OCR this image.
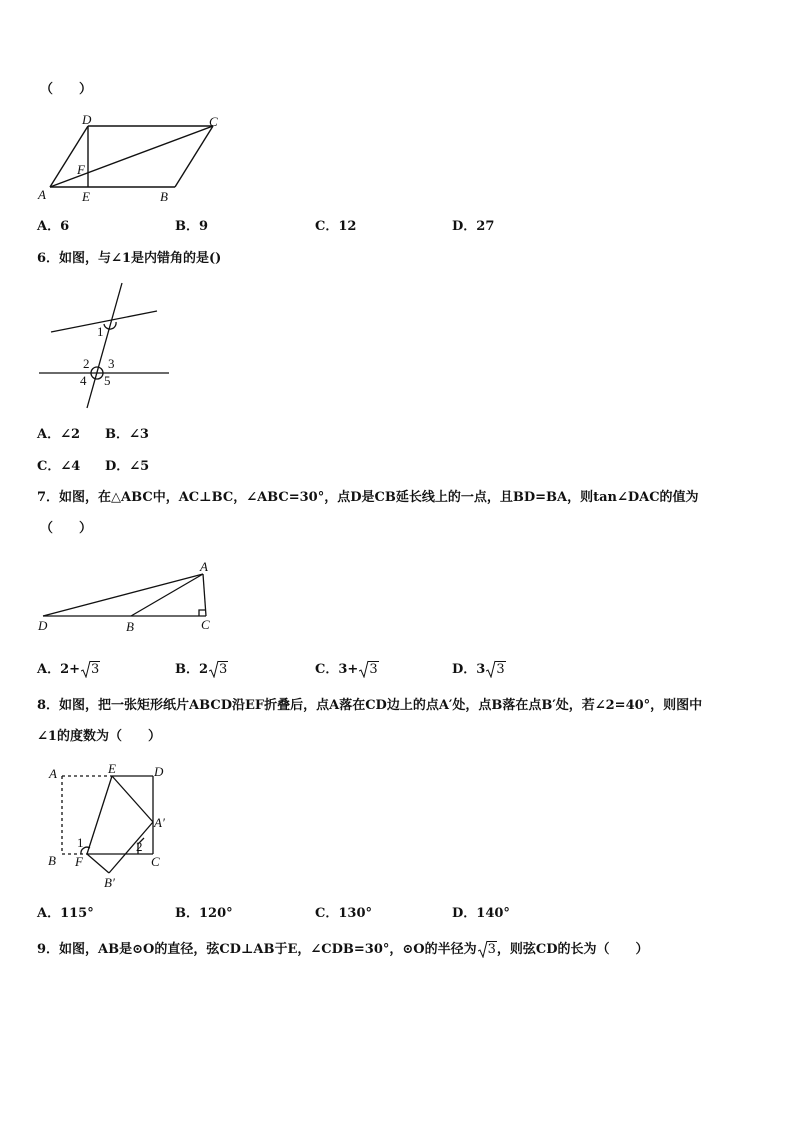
（　　）
D	C
F
A	E	B
A．6	B．9	C．12	D．27
6．如图，与∠1是内错角的是()
1
2 3
4 5
A．∠2 B．∠3
C．∠4 D．∠5
7．如图，在△ABC中，AC⊥BC，∠ABC=30°，点D是CB延长线上的一点，且BD=BA，则tan∠DAC的值为
（　　）
A
D	B	C
A．2+ 3	B．2 3	C．3+ 3	D．3 3
8．如图，把一张矩形纸片ABCD沿EF折叠后，点A落在CD边上的点A′处，点B落在点B′处，若∠2=40°，则图中
∠1的度数为（　　）
A	E	D
A′
1	2
B F	C
B′
A．115°	B．120°	C．130°	D．140°
9．如图，AB是⊙O的直径，弦CD⊥AB于E，∠CDB=30°，⊙O的半径为 3，则弦CD的长为（　　）
